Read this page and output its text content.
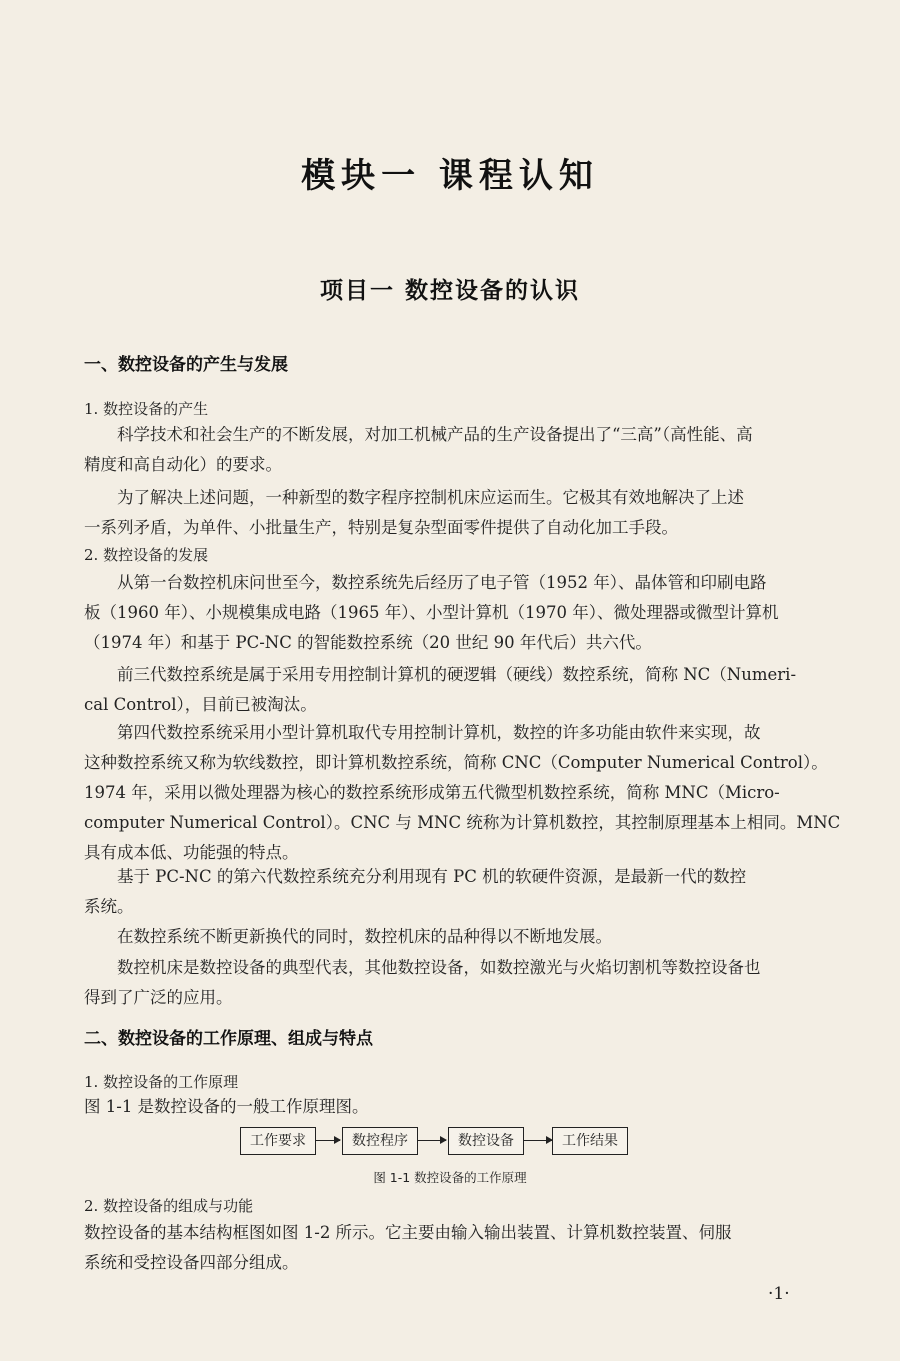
模块一 课程认知
项目一 数控设备的认识
一、数控设备的产生与发展
1. 数控设备的产生
科学技术和社会生产的不断发展，对加工机械产品的生产设备提出了“三高”（高性能、高
精度和高自动化）的要求。
为了解决上述问题，一种新型的数字程序控制机床应运而生。它极其有效地解决了上述
一系列矛盾，为单件、小批量生产，特别是复杂型面零件提供了自动化加工手段。
2. 数控设备的发展
从第一台数控机床问世至今，数控系统先后经历了电子管（1952 年）、晶体管和印刷电路
板（1960 年）、小规模集成电路（1965 年）、小型计算机（1970 年）、微处理器或微型计算机
（1974 年）和基于 PC-NC 的智能数控系统（20 世纪 90 年代后）共六代。
前三代数控系统是属于采用专用控制计算机的硬逻辑（硬线）数控系统，简称 NC（Numeri-
cal Control），目前已被淘汰。
第四代数控系统采用小型计算机取代专用控制计算机，数控的许多功能由软件来实现，故
这种数控系统又称为软线数控，即计算机数控系统，简称 CNC（Computer Numerical Control）。
1974 年，采用以微处理器为核心的数控系统形成第五代微型机数控系统，简称 MNC（Micro-
computer Numerical Control）。CNC 与 MNC 统称为计算机数控，其控制原理基本上相同。MNC
具有成本低、功能强的特点。
基于 PC-NC 的第六代数控系统充分利用现有 PC 机的软硬件资源，是最新一代的数控
系统。
在数控系统不断更新换代的同时，数控机床的品种得以不断地发展。
数控机床是数控设备的典型代表，其他数控设备，如数控激光与火焰切割机等数控设备也
得到了广泛的应用。
二、数控设备的工作原理、组成与特点
1. 数控设备的工作原理
图 1-1 是数控设备的一般工作原理图。
工作要求	数控程序	数控设备	工作结果
图 1-1 数控设备的工作原理
2. 数控设备的组成与功能
数控设备的基本结构框图如图 1-2 所示。它主要由输入输出装置、计算机数控装置、伺服
系统和受控设备四部分组成。
·1·
